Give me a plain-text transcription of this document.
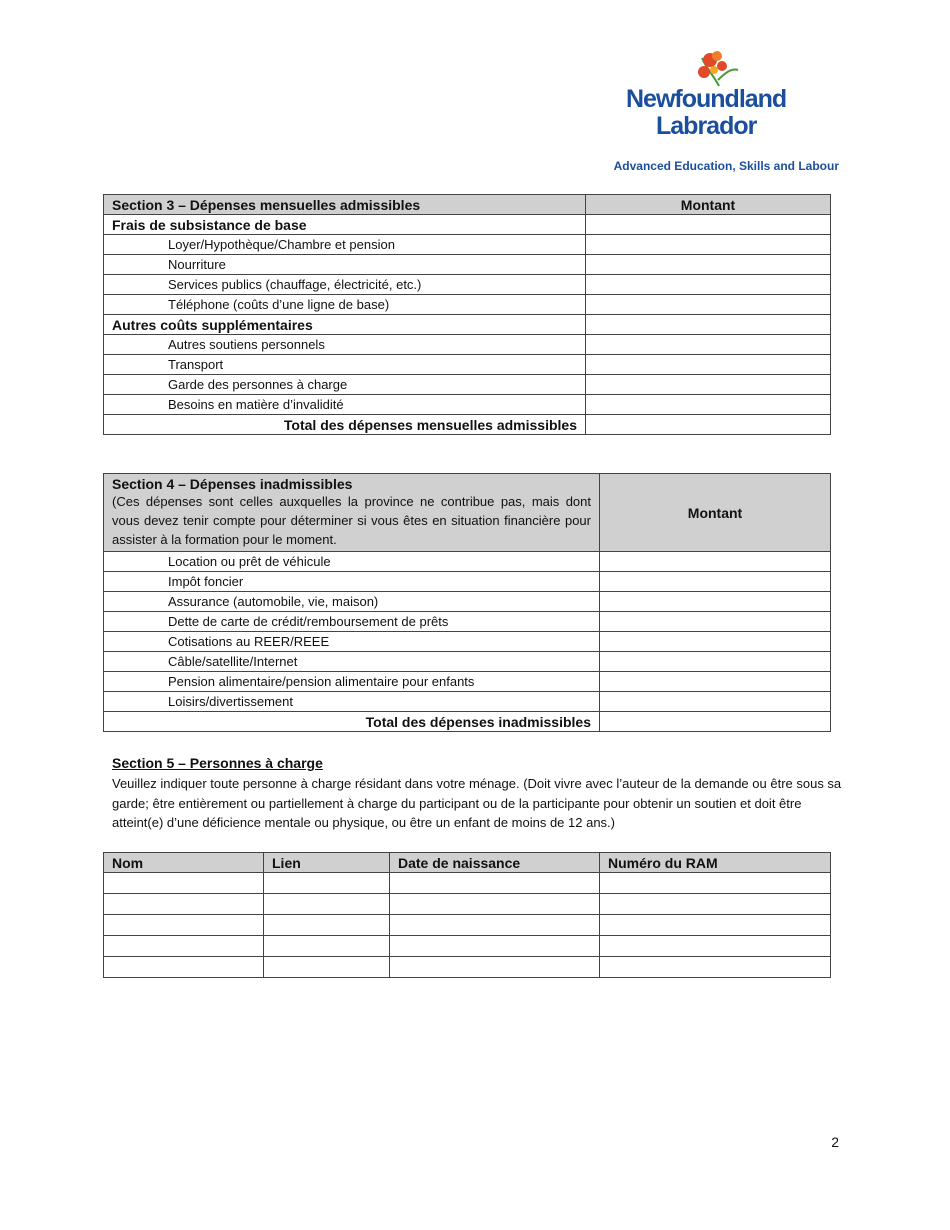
Newfoundland
Labrador
Advanced Education, Skills and Labour
Section 3 – Dépenses mensuelles admissibles	Montant
Frais de subsistance de base	
Loyer/Hypothèque/Chambre et pension	
Nourriture	
Services publics (chauffage, électricité, etc.)	
Téléphone (coûts d’une ligne de base)	
Autres coûts supplémentaires	
Autres soutiens personnels	
Transport	
Garde des personnes à charge	
Besoins en matière d’invalidité	
Total des dépenses mensuelles admissibles	
Section 4 – Dépenses inadmissibles
(Ces dépenses sont celles auxquelles la province ne contribue pas, mais dont vous devez tenir compte pour déterminer si vous êtes en situation financière pour assister à la formation pour le moment.	Montant
Location ou prêt de véhicule	
Impôt foncier	
Assurance (automobile, vie, maison)	
Dette de carte de crédit/remboursement de prêts	
Cotisations au REER/REEE	
Câble/satellite/Internet	
Pension alimentaire/pension alimentaire pour enfants	
Loisirs/divertissement	
Total des dépenses inadmissibles	
Section 5 – Personnes à charge
Veuillez indiquer toute personne à charge résidant dans votre ménage. (Doit vivre avec l’auteur de la demande ou être sous sa garde; être entièrement ou partiellement à charge du participant ou de la participante pour obtenir un soutien et doit être atteint(e) d’une déficience mentale ou physique, ou être un enfant de moins de 12 ans.)
Nom	Lien	Date de naissance	Numéro du RAM

2
